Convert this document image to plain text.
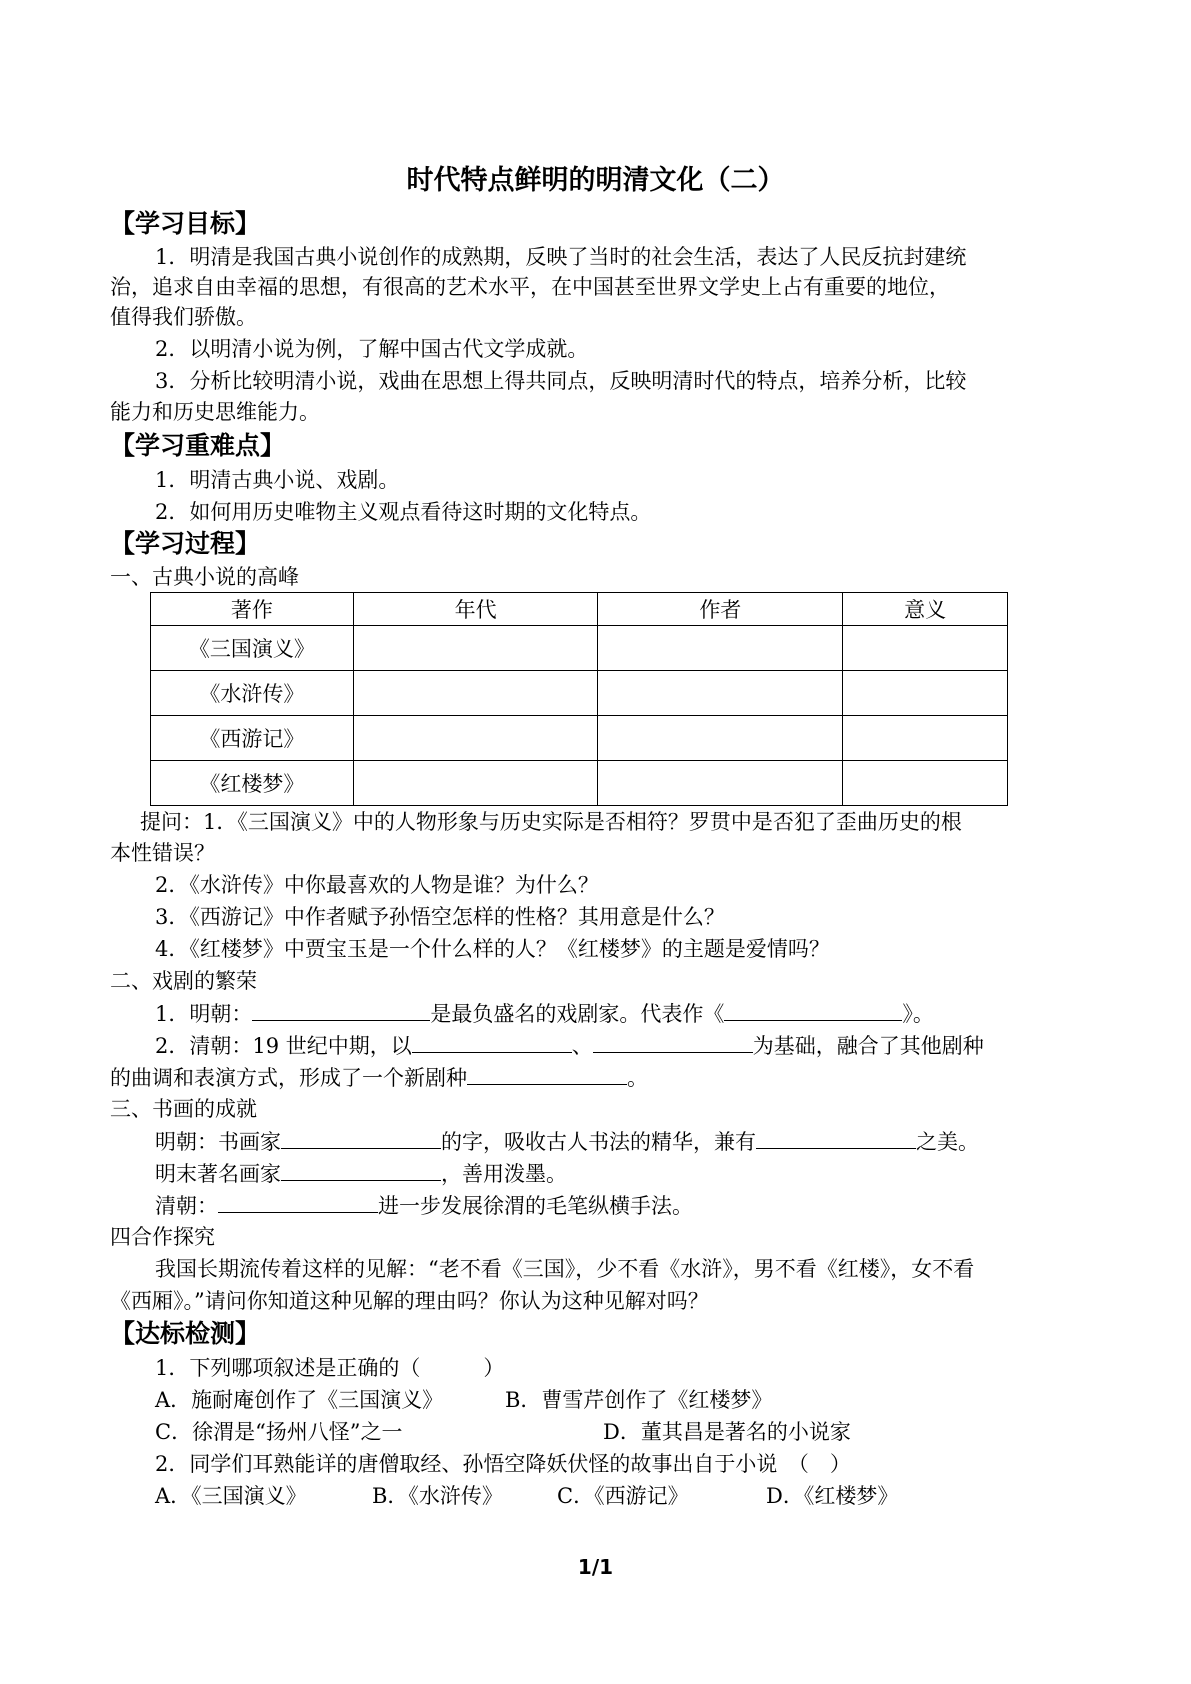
时代特点鲜明的明清文化（二）
【学习目标】
1．明清是我国古典小说创作的成熟期，反映了当时的社会生活，表达了人民反抗封建统
治，追求自由幸福的思想，有很高的艺术水平，在中国甚至世界文学史上占有重要的地位，
值得我们骄傲。
2．以明清小说为例，了解中国古代文学成就。
3．分析比较明清小说，戏曲在思想上得共同点，反映明清时代的特点，培养分析，比较
能力和历史思维能力。
【学习重难点】
1．明清古典小说、戏剧。
2．如何用历史唯物主义观点看待这时期的文化特点。
【学习过程】
一、古典小说的高峰
著作	年代	作者	意义
《三国演义》			
《水浒传》			
《西游记》			
《红楼梦》			
提问：1．《三国演义》中的人物形象与历史实际是否相符？罗贯中是否犯了歪曲历史的根
本性错误？
2．《水浒传》中你最喜欢的人物是谁？为什么？
3．《西游记》中作者赋予孙悟空怎样的性格？其用意是什么？
4．《红楼梦》中贾宝玉是一个什么样的人？《红楼梦》的主题是爱情吗？
二、戏剧的繁荣
1．明朝：	是最负盛名的戏剧家。代表作《	》。
2．清朝：19 世纪中期，以	、	为基础，融合了其他剧种
的曲调和表演方式，形成了一个新剧种	。
三、书画的成就
明朝：书画家	的字，吸收古人书法的精华，兼有	之美。
明末著名画家	，善用泼墨。
清朝：	进一步发展徐渭的毛笔纵横手法。
四合作探究
我国长期流传着这样的见解：“老不看《三国》，少不看《水浒》，男不看《红楼》，女不看
《西厢》。”请问你知道这种见解的理由吗？你认为这种见解对吗？
【达标检测】
1．下列哪项叙述是正确的（　　　）
A．施耐庵创作了《三国演义》	B．曹雪芹创作了《红楼梦》
C．徐渭是“扬州八怪”之一	D．董其昌是著名的小说家
2．同学们耳熟能详的唐僧取经、孙悟空降妖伏怪的故事出自于小说　（　）
A．《三国演义》	B．《水浒传》	C．《西游记》	D．《红楼梦》
1/1
